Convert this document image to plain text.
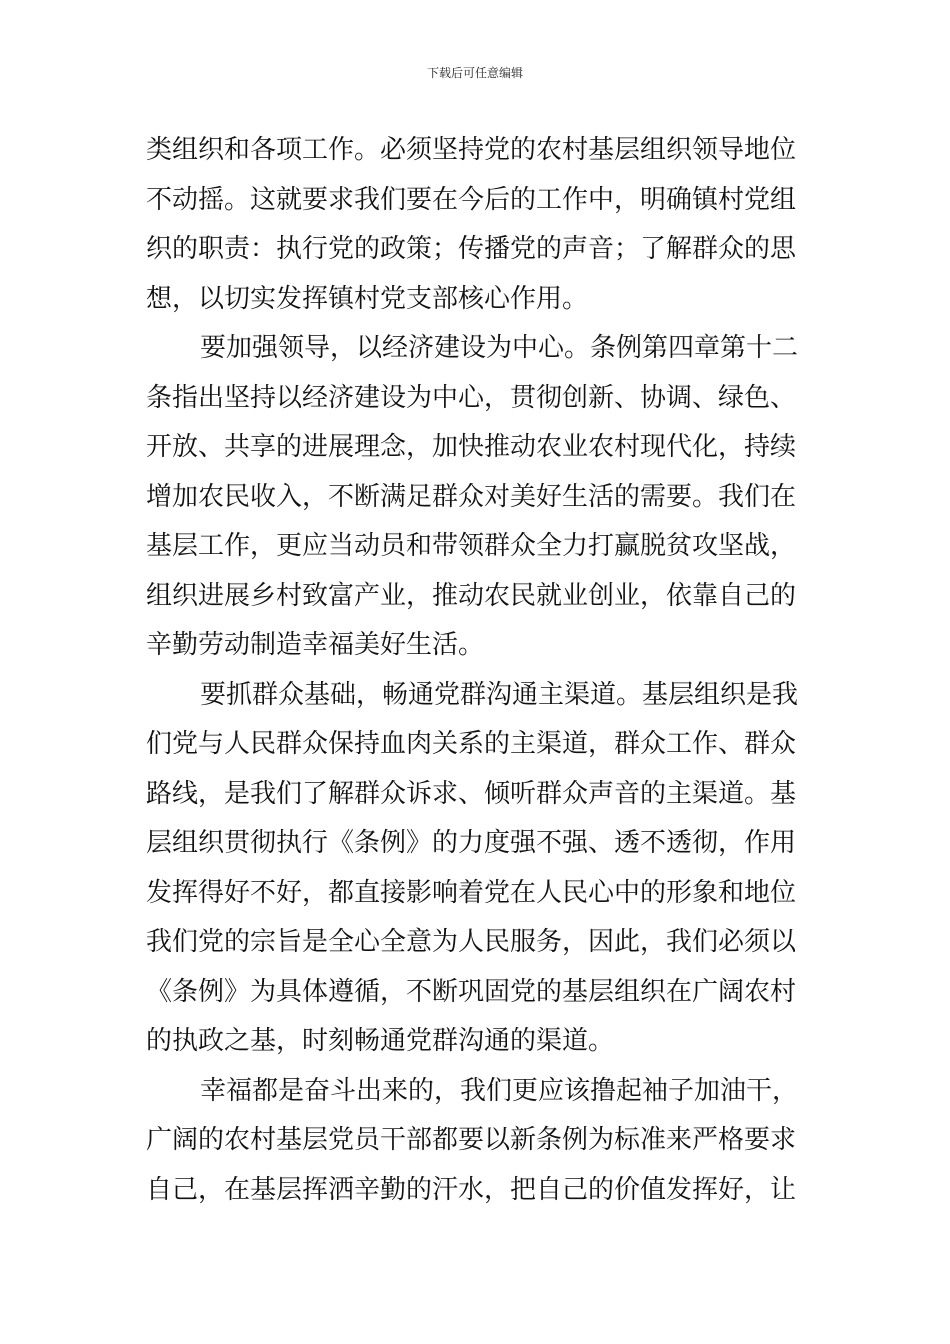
下载后可任意编辑
类组织和各项工作。必须坚持党的农村基层组织领导地位
不动摇。这就要求我们要在今后的工作中，明确镇村党组
织的职责：执行党的政策；传播党的声音；了解群众的思
想，以切实发挥镇村党支部核心作用。
要加强领导，以经济建设为中心。条例第四章第十二
条指出坚持以经济建设为中心，贯彻创新、协调、绿色、
开放、共享的进展理念，加快推动农业农村现代化，持续
增加农民收入，不断满足群众对美好生活的需要。我们在
基层工作，更应当动员和带领群众全力打赢脱贫攻坚战，
组织进展乡村致富产业，推动农民就业创业，依靠自己的
辛勤劳动制造幸福美好生活。
要抓群众基础，畅通党群沟通主渠道。基层组织是我
们党与人民群众保持血肉关系的主渠道，群众工作、群众
路线，是我们了解群众诉求、倾听群众声音的主渠道。基
层组织贯彻执行《条例》的力度强不强、透不透彻，作用
发挥得好不好，都直接影响着党在人民心中的形象和地位
我们党的宗旨是全心全意为人民服务，因此，我们必须以
《条例》为具体遵循，不断巩固党的基层组织在广阔农村
的执政之基，时刻畅通党群沟通的渠道。
幸福都是奋斗出来的，我们更应该撸起袖子加油干，
广阔的农村基层党员干部都要以新条例为标准来严格要求
自己，在基层挥洒辛勤的汗水，把自己的价值发挥好，让
